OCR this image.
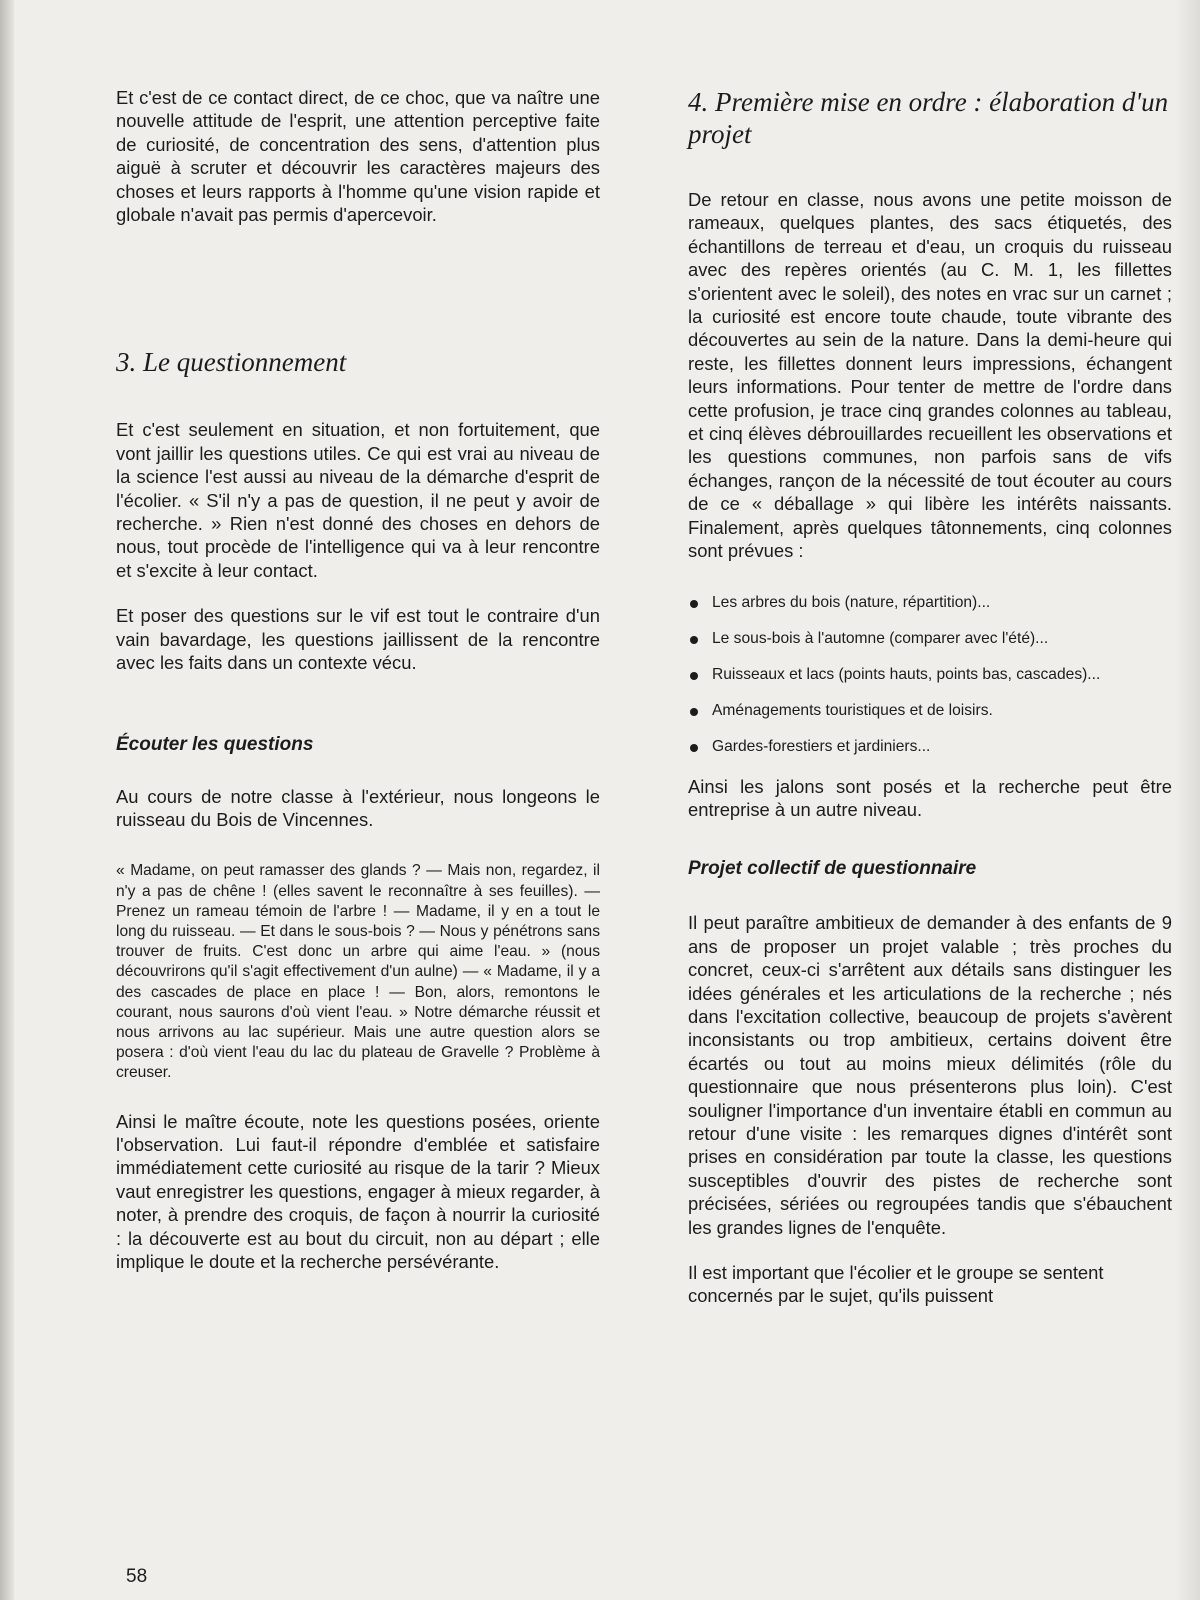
Et c'est de ce contact direct, de ce choc, que va naître une nouvelle attitude de l'esprit, une attention perceptive faite de curiosité, de concentration des sens, d'attention plus aiguë à scruter et découvrir les caractères majeurs des choses et leurs rapports à l'homme qu'une vision rapide et globale n'avait pas permis d'apercevoir.

3. Le questionnement

Et c'est seulement en situation, et non fortuitement, que vont jaillir les questions utiles. Ce qui est vrai au niveau de la science l'est aussi au niveau de la démarche d'esprit de l'écolier. « S'il n'y a pas de question, il ne peut y avoir de recherche. » Rien n'est donné des choses en dehors de nous, tout procède de l'intelligence qui va à leur rencontre et s'excite à leur contact.

Et poser des questions sur le vif est tout le contraire d'un vain bavardage, les questions jaillissent de la rencontre avec les faits dans un contexte vécu.

Écouter les questions

Au cours de notre classe à l'extérieur, nous longeons le ruisseau du Bois de Vincennes.

« Madame, on peut ramasser des glands ? — Mais non, regardez, il n'y a pas de chêne ! (elles savent le reconnaître à ses feuilles). — Prenez un rameau témoin de l'arbre ! — Madame, il y en a tout le long du ruisseau. — Et dans le sous-bois ? — Nous y pénétrons sans trouver de fruits. C'est donc un arbre qui aime l'eau. » (nous découvrirons qu'il s'agit effectivement d'un aulne) — « Madame, il y a des cascades de place en place ! — Bon, alors, remontons le courant, nous saurons d'où vient l'eau. » Notre démarche réussit et nous arrivons au lac supérieur. Mais une autre question alors se posera : d'où vient l'eau du lac du plateau de Gravelle ? Problème à creuser.

Ainsi le maître écoute, note les questions posées, oriente l'observation. Lui faut-il répondre d'emblée et satisfaire immédiatement cette curiosité au risque de la tarir ? Mieux vaut enregistrer les questions, engager à mieux regarder, à noter, à prendre des croquis, de façon à nourrir la curiosité : la découverte est au bout du circuit, non au départ ; elle implique le doute et la recherche persévérante.

4. Première mise en ordre : élaboration d'un projet

De retour en classe, nous avons une petite moisson de rameaux, quelques plantes, des sacs étiquetés, des échantillons de terreau et d'eau, un croquis du ruisseau avec des repères orientés (au C. M. 1, les fillettes s'orientent avec le soleil), des notes en vrac sur un carnet ; la curiosité est encore toute chaude, toute vibrante des découvertes au sein de la nature. Dans la demi-heure qui reste, les fillettes donnent leurs impressions, échangent leurs informations. Pour tenter de mettre de l'ordre dans cette profusion, je trace cinq grandes colonnes au tableau, et cinq élèves débrouillardes recueillent les observations et les questions communes, non parfois sans de vifs échanges, rançon de la nécessité de tout écouter au cours de ce « déballage » qui libère les intérêts naissants. Finalement, après quelques tâtonnements, cinq colonnes sont prévues :

Les arbres du bois (nature, répartition)...
Le sous-bois à l'automne (comparer avec l'été)...
Ruisseaux et lacs (points hauts, points bas, cascades)...
Aménagements touristiques et de loisirs.
Gardes-forestiers et jardiniers...

Ainsi les jalons sont posés et la recherche peut être entreprise à un autre niveau.

Projet collectif de questionnaire

Il peut paraître ambitieux de demander à des enfants de 9 ans de proposer un projet valable ; très proches du concret, ceux-ci s'arrêtent aux détails sans distinguer les idées générales et les articulations de la recherche ; nés dans l'excitation collective, beaucoup de projets s'avèrent inconsistants ou trop ambitieux, certains doivent être écartés ou tout au moins mieux délimités (rôle du questionnaire que nous présenterons plus loin). C'est souligner l'importance d'un inventaire établi en commun au retour d'une visite : les remarques dignes d'intérêt sont prises en considération par toute la classe, les questions susceptibles d'ouvrir des pistes de recherche sont précisées, sériées ou regroupées tandis que s'ébauchent les grandes lignes de l'enquête.

Il est important que l'écolier et le groupe se sentent concernés par le sujet, qu'ils puissent

58
